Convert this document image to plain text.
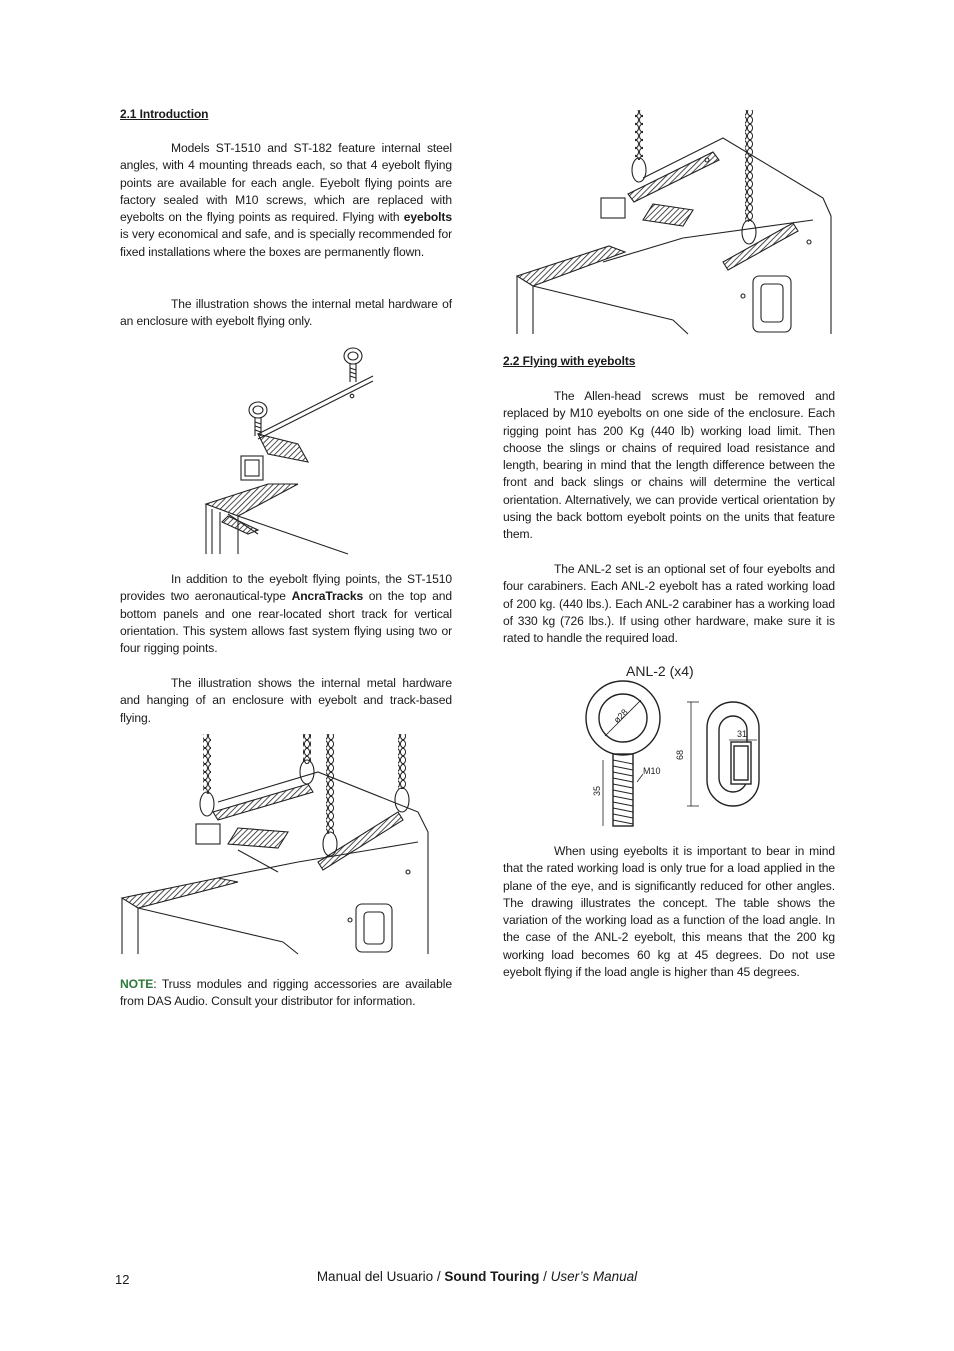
2.1 Introduction

Models ST-1510 and ST-182 feature internal steel angles, with 4 mounting threads each, so that 4 eyebolt flying points are available for each angle. Eyebolt flying points are factory sealed with M10 screws, which are replaced with eyebolts on the flying points as required. Flying with eyebolts is very economical and safe, and is specially recommended for fixed installations where the boxes are permanently flown.

The illustration shows the internal metal hardware of an enclosure with eyebolt flying only.

In addition to the eyebolt flying points, the ST-1510 provides two aeronautical-type AncraTracks on the top and bottom panels and one rear-located short track for vertical orientation. This system allows fast system flying using two or four rigging points.

The illustration shows the internal metal hardware and hanging of an enclosure with eyebolt and track-based flying.

NOTE: Truss modules and rigging accessories are available from DAS Audio. Consult your distributor for information.

2.2 Flying with eyebolts

The Allen-head screws must be removed and replaced by M10 eyebolts on one side of the enclosure. Each rigging point has 200 Kg (440 lb) working load limit. Then choose the slings or chains of required load resistance and length, bearing in mind that the length difference between the front and back slings or chains will determine the vertical orientation. Alternatively, we can provide vertical orientation by using the back bottom eyebolt points on the units that feature them.

The ANL-2 set is an optional set of four eyebolts and four carabiners. Each ANL-2 eyebolt has a rated working load of 200 kg. (440 lbs.). Each ANL-2 carabiner has a working load of 330 kg (726 lbs.). If using other hardware, make sure it is rated to handle the required load.

ANL-2 (x4)
ø28
M10
35
68
31

When using eyebolts it is important to bear in mind that the rated working load is only true for a load applied in the plane of the eye, and is significantly reduced for other angles. The drawing illustrates the concept. The table shows the variation of the working load as a function of the load angle. In the case of the ANL-2 eyebolt, this means that the 200 kg working load becomes 60 kg at 45 degrees. Do not use eyebolt flying if the load angle is higher than 45 degrees.

12	Manual del Usuario / Sound Touring / User’s Manual
